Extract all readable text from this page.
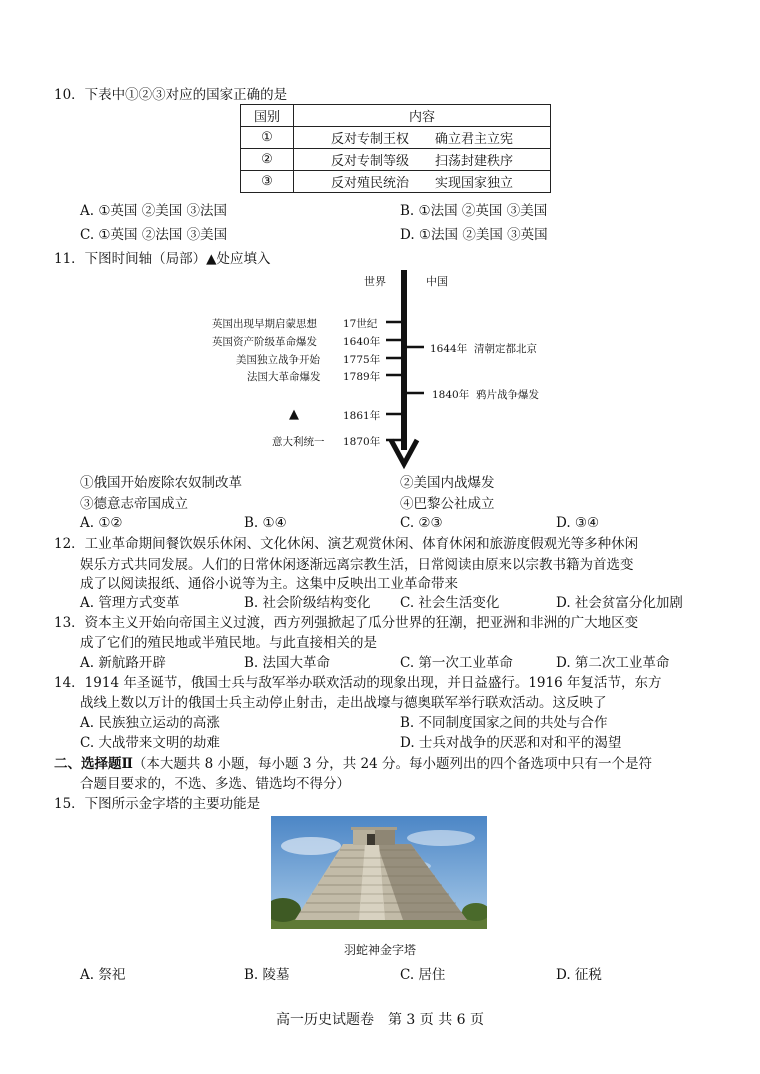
10．下表中①②③对应的国家正确的是
国别	内容
①	反对专制王权　　确立君主立宪
②	反对专制等级　　扫荡封建秩序
③	反对殖民统治　　实现国家独立
A. ①英国 ②美国 ③法国	B. ①法国 ②英国 ③美国
C. ①英国 ②法国 ③美国	D. ①法国 ②美国 ③英国
11．下图时间轴（局部）▲处应填入
世界	中国
英国出现早期启蒙思想 17世纪
英国资产阶级革命爆发 1640年
美国独立战争开始 1775年
法国大革命爆发 1789年
▲	1861年
意大利统一 1870年
1644年 清朝定都北京
1840年 鸦片战争爆发
①俄国开始废除农奴制改革	②美国内战爆发
③德意志帝国成立	④巴黎公社成立
A. ①②	B. ①④	C. ②③	D. ③④
12．工业革命期间餐饮娱乐休闲、文化休闲、演艺观赏休闲、体育休闲和旅游度假观光等多种休闲
娱乐方式共同发展。人们的日常休闲逐渐远离宗教生活，日常阅读由原来以宗教书籍为首选变
成了以阅读报纸、通俗小说等为主。这集中反映出工业革命带来
A. 管理方式变革	B. 社会阶级结构变化 C. 社会生活变化	D. 社会贫富分化加剧
13．资本主义开始向帝国主义过渡，西方列强掀起了瓜分世界的狂潮，把亚洲和非洲的广大地区变
成了它们的殖民地或半殖民地。与此直接相关的是
A. 新航路开辟	B. 法国大革命	C. 第一次工业革命	D. 第二次工业革命
14．1914 年圣诞节，俄国士兵与敌军举办联欢活动的现象出现，并日益盛行。1916 年复活节，东方
战线上数以万计的俄国士兵主动停止射击，走出战壕与德奥联军举行联欢活动。这反映了
A. 民族独立运动的高涨	B. 不同制度国家之间的共处与合作
C. 大战带来文明的劫难	D. 士兵对战争的厌恶和对和平的渴望
二、选择题Ⅱ（本大题共 8 小题，每小题 3 分，共 24 分。每小题列出的四个备选项中只有一个是符
合题目要求的，不选、多选、错选均不得分）
15．下图所示金字塔的主要功能是
羽蛇神金字塔
A. 祭祀	B. 陵墓	C. 居住	D. 征税
高一历史试题卷　第 3 页 共 6 页
